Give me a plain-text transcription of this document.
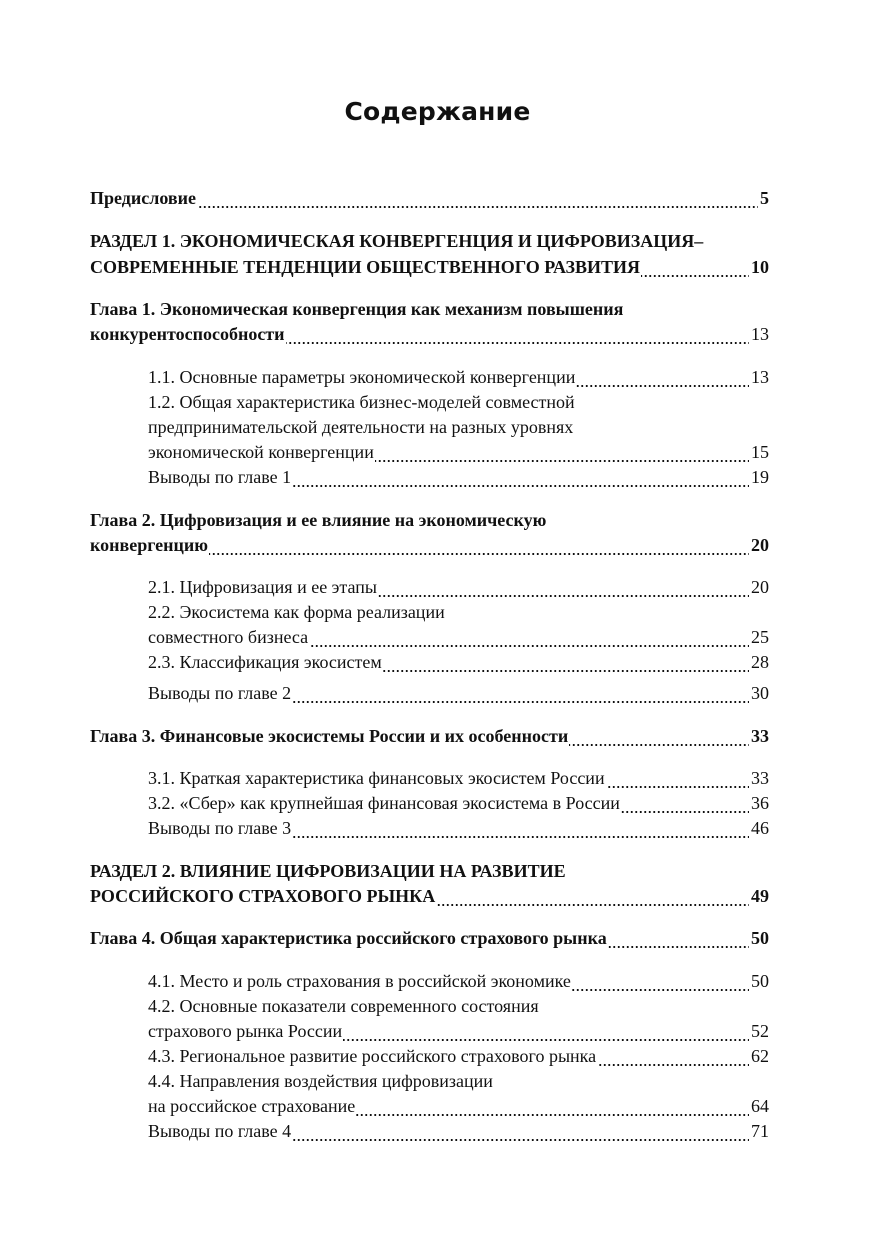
Содержание
Предисловие	5
РАЗДЕЛ 1. ЭКОНОМИЧЕСКАЯ КОНВЕРГЕНЦИЯ И ЦИФРОВИЗАЦИЯ–
СОВРЕМЕННЫЕ ТЕНДЕНЦИИ ОБЩЕСТВЕННОГО РАЗВИТИЯ	10
Глава 1. Экономическая конвергенция как механизм повышения
конкурентоспособности	13
1.1. Основные параметры экономической конвергенции	13
1.2. Общая характеристика бизнес-моделей совместной
предпринимательской деятельности на разных уровнях
экономической конвергенции	15
Выводы по главе 1	19
Глава 2. Цифровизация и ее влияние на экономическую
конвергенцию	20
2.1. Цифровизация и ее этапы	20
2.2. Экосистема как форма реализации
совместного бизнеса	25
2.3. Классификация экосистем	28
Выводы по главе 2	30
Глава 3. Финансовые экосистемы России и их особенности	33
3.1. Краткая характеристика финансовых экосистем России	33
3.2. «Сбер» как крупнейшая финансовая экосистема в России	36
Выводы по главе 3	46
РАЗДЕЛ 2. ВЛИЯНИЕ ЦИФРОВИЗАЦИИ НА РАЗВИТИЕ
РОССИЙСКОГО СТРАХОВОГО РЫНКА	49
Глава 4. Общая характеристика российского страхового рынка	50
4.1. Место и роль страхования в российской экономике	50
4.2. Основные показатели современного состояния
страхового рынка России	52
4.3. Региональное развитие российского страхового рынка	62
4.4. Направления воздействия цифровизации
на российское страхование	64
Выводы по главе 4	71
